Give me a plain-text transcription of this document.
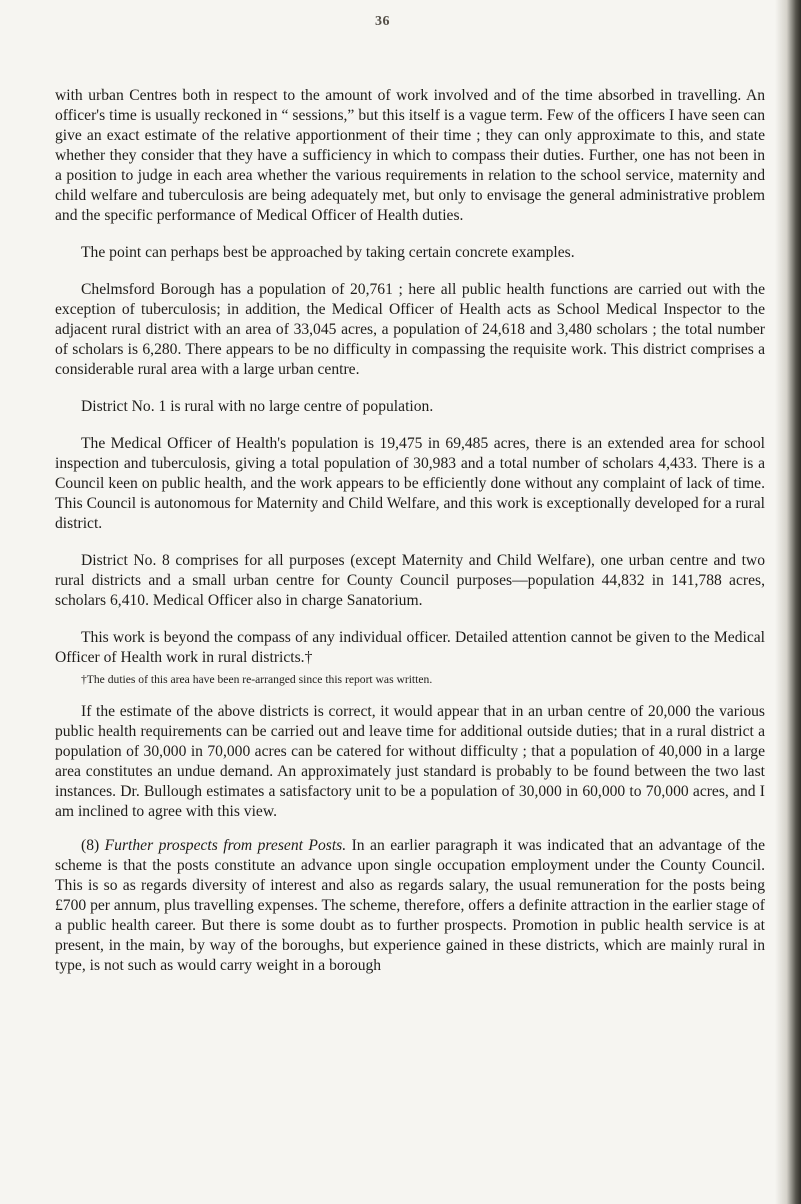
36

with urban Centres both in respect to the amount of work involved and of the time absorbed in travelling. An officer's time is usually reckoned in “ sessions,” but this itself is a vague term. Few of the officers I have seen can give an exact estimate of the relative apportionment of their time ; they can only approximate to this, and state whether they consider that they have a sufficiency in which to compass their duties. Further, one has not been in a position to judge in each area whether the various requirements in relation to the school service, maternity and child welfare and tuberculosis are being adequately met, but only to envisage the general administrative problem and the specific performance of Medical Officer of Health duties.

The point can perhaps best be approached by taking certain concrete examples.

Chelmsford Borough has a population of 20,761 ; here all public health functions are carried out with the exception of tuberculosis; in addition, the Medical Officer of Health acts as School Medical Inspector to the adjacent rural district with an area of 33,045 acres, a population of 24,618 and 3,480 scholars ; the total number of scholars is 6,280. There appears to be no difficulty in compassing the requisite work. This district comprises a considerable rural area with a large urban centre.

District No. 1 is rural with no large centre of population.

The Medical Officer of Health's population is 19,475 in 69,485 acres, there is an extended area for school inspection and tuberculosis, giving a total population of 30,983 and a total number of scholars 4,433. There is a Council keen on public health, and the work appears to be efficiently done without any complaint of lack of time. This Council is autonomous for Maternity and Child Welfare, and this work is exceptionally developed for a rural district.

District No. 8 comprises for all purposes (except Maternity and Child Welfare), one urban centre and two rural districts and a small urban centre for County Council purposes—population 44,832 in 141,788 acres, scholars 6,410. Medical Officer also in charge Sanatorium.

This work is beyond the compass of any individual officer. Detailed attention cannot be given to the Medical Officer of Health work in rural districts.†

†The duties of this area have been re-arranged since this report was written.

If the estimate of the above districts is correct, it would appear that in an urban centre of 20,000 the various public health requirements can be carried out and leave time for additional outside duties; that in a rural district a population of 30,000 in 70,000 acres can be catered for without difficulty ; that a population of 40,000 in a large area constitutes an undue demand. An approximately just standard is probably to be found between the two last instances. Dr. Bullough estimates a satisfactory unit to be a population of 30,000 in 60,000 to 70,000 acres, and I am inclined to agree with this view.

(8) Further prospects from present Posts. In an earlier paragraph it was indicated that an advantage of the scheme is that the posts constitute an advance upon single occupation employment under the County Council. This is so as regards diversity of interest and also as regards salary, the usual remuneration for the posts being £700 per annum, plus travelling expenses. The scheme, therefore, offers a definite attraction in the earlier stage of a public health career. But there is some doubt as to further prospects. Promotion in public health service is at present, in the main, by way of the boroughs, but experience gained in these districts, which are mainly rural in type, is not such as would carry weight in a borough
